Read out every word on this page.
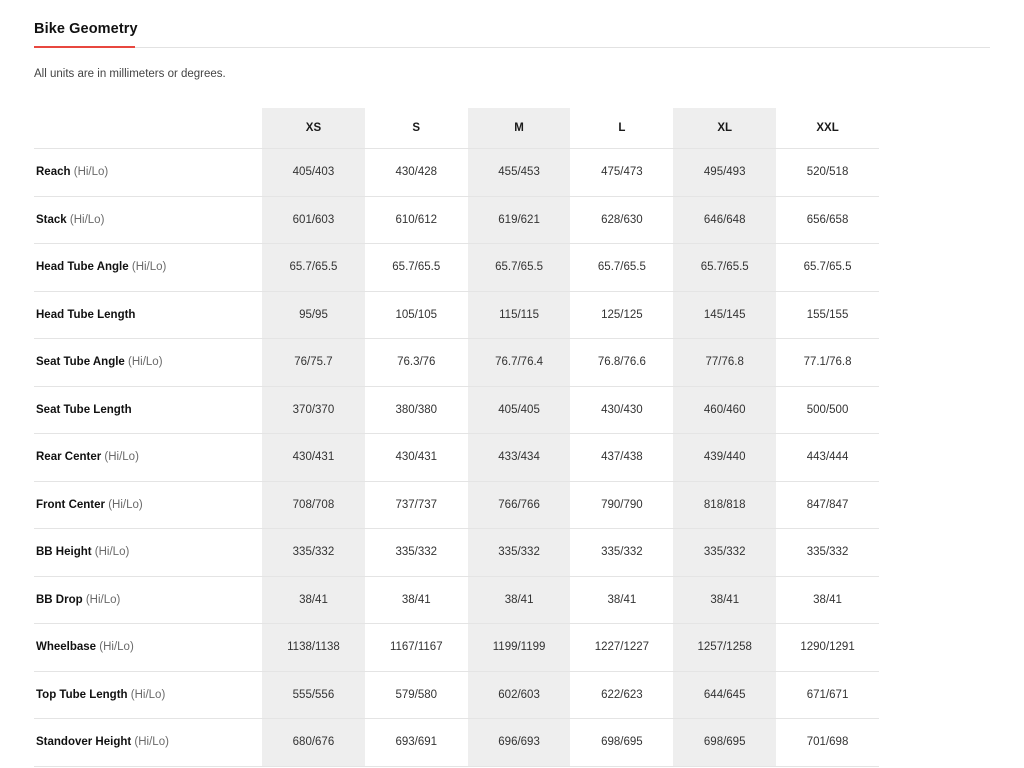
Bike Geometry
All units are in millimeters or degrees.
	XS	S	M	L	XL	XXL
Reach (Hi/Lo)	405/403	430/428	455/453	475/473	495/493	520/518
Stack (Hi/Lo)	601/603	610/612	619/621	628/630	646/648	656/658
Head Tube Angle (Hi/Lo)	65.7/65.5	65.7/65.5	65.7/65.5	65.7/65.5	65.7/65.5	65.7/65.5
Head Tube Length	95/95	105/105	115/115	125/125	145/145	155/155
Seat Tube Angle (Hi/Lo)	76/75.7	76.3/76	76.7/76.4	76.8/76.6	77/76.8	77.1/76.8
Seat Tube Length	370/370	380/380	405/405	430/430	460/460	500/500
Rear Center (Hi/Lo)	430/431	430/431	433/434	437/438	439/440	443/444
Front Center (Hi/Lo)	708/708	737/737	766/766	790/790	818/818	847/847
BB Height (Hi/Lo)	335/332	335/332	335/332	335/332	335/332	335/332
BB Drop (Hi/Lo)	38/41	38/41	38/41	38/41	38/41	38/41
Wheelbase (Hi/Lo)	1138/1138	1167/1167	1199/1199	1227/1227	1257/1258	1290/1291
Top Tube Length (Hi/Lo)	555/556	579/580	602/603	622/623	644/645	671/671
Standover Height (Hi/Lo)	680/676	693/691	696/693	698/695	698/695	701/698
